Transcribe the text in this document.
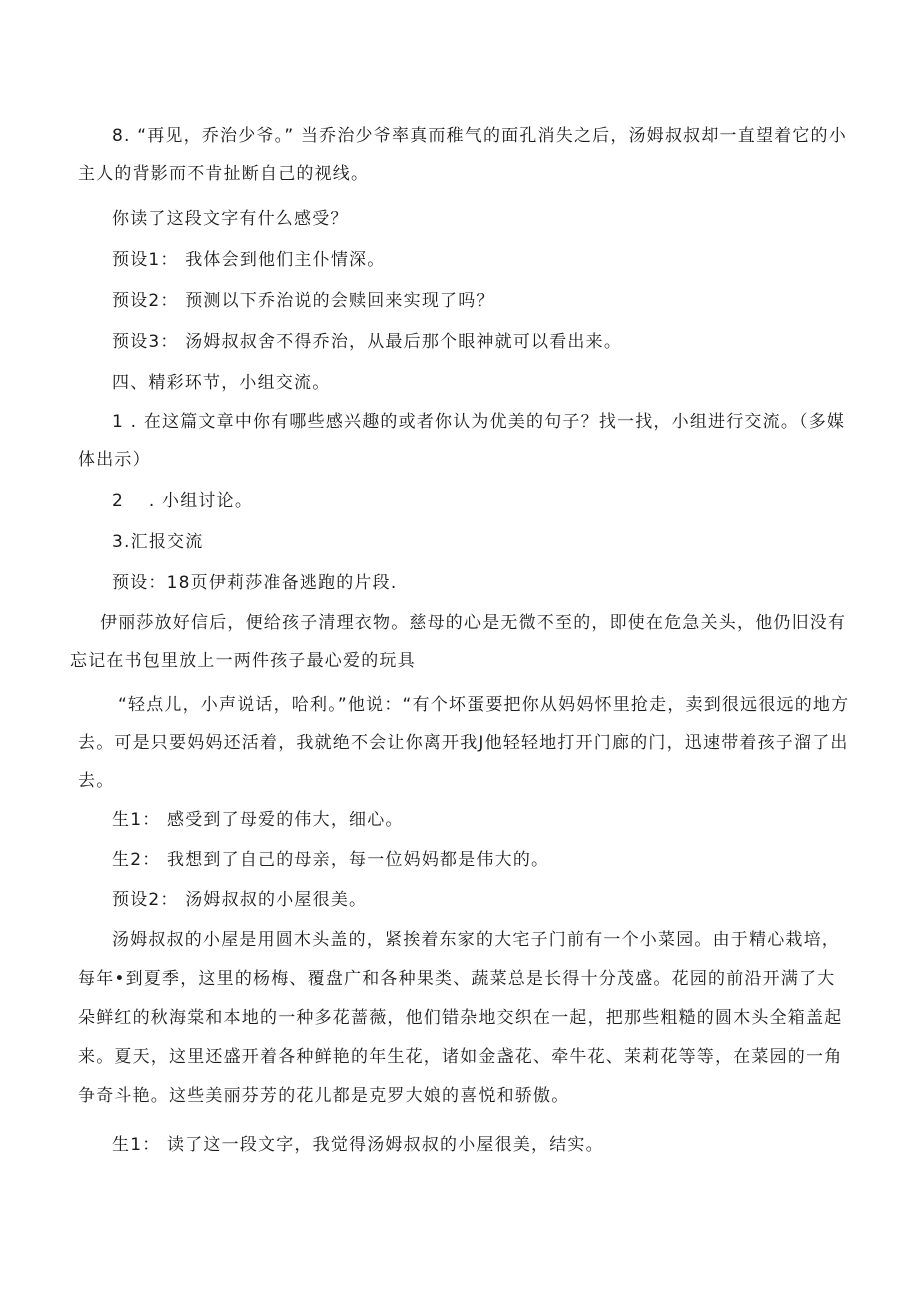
8. “再见，乔治少爷。” 当乔治少爷率真而稚气的面孔消失之后，汤姆叔叔却一直望着它的小主人的背影而不肯扯断自己的视线。

你读了这段文字有什么感受？

预设1： 我体会到他们主仆情深。

预设2： 预测以下乔治说的会赎回来实现了吗？

预设3： 汤姆叔叔舍不得乔治，从最后那个眼神就可以看出来。

四、精彩环节，小组交流。

1 . 在这篇文章中你有哪些感兴趣的或者你认为优美的句子？找一找，小组进行交流。（多媒体出示）

2 　. 小组讨论。

3.汇报交流

预设：18页伊莉莎准备逃跑的片段.

伊丽莎放好信后，便给孩子清理衣物。慈母的心是无微不至的，即使在危急关头，他仍旧没有忘记在书包里放上一两件孩子最心爱的玩具

“轻点儿，小声说话，哈利。”他说：“有个坏蛋要把你从妈妈怀里抢走，卖到很远很远的地方去。可是只要妈妈还活着，我就绝不会让你离开我J他轻轻地打开门廊的门，迅速带着孩子溜了出去。

生1： 感受到了母爱的伟大，细心。

生2： 我想到了自己的母亲，每一位妈妈都是伟大的。

预设2： 汤姆叔叔的小屋很美。

汤姆叔叔的小屋是用圆木头盖的，紧挨着东家的大宅子门前有一个小菜园。由于精心栽培，每年•到夏季，这里的杨梅、覆盘广和各种果类、蔬菜总是长得十分茂盛。花园的前沿开满了大朵鲜红的秋海棠和本地的一种多花蔷薇，他们错杂地交织在一起，把那些粗糙的圆木头全箱盖起来。夏天，这里还盛开着各种鲜艳的年生花，诸如金盏花、牵牛花、茉莉花等等，在菜园的一角争奇斗艳。这些美丽芬芳的花儿都是克罗大娘的喜悦和骄傲。

生1： 读了这一段文字，我觉得汤姆叔叔的小屋很美，结实。
